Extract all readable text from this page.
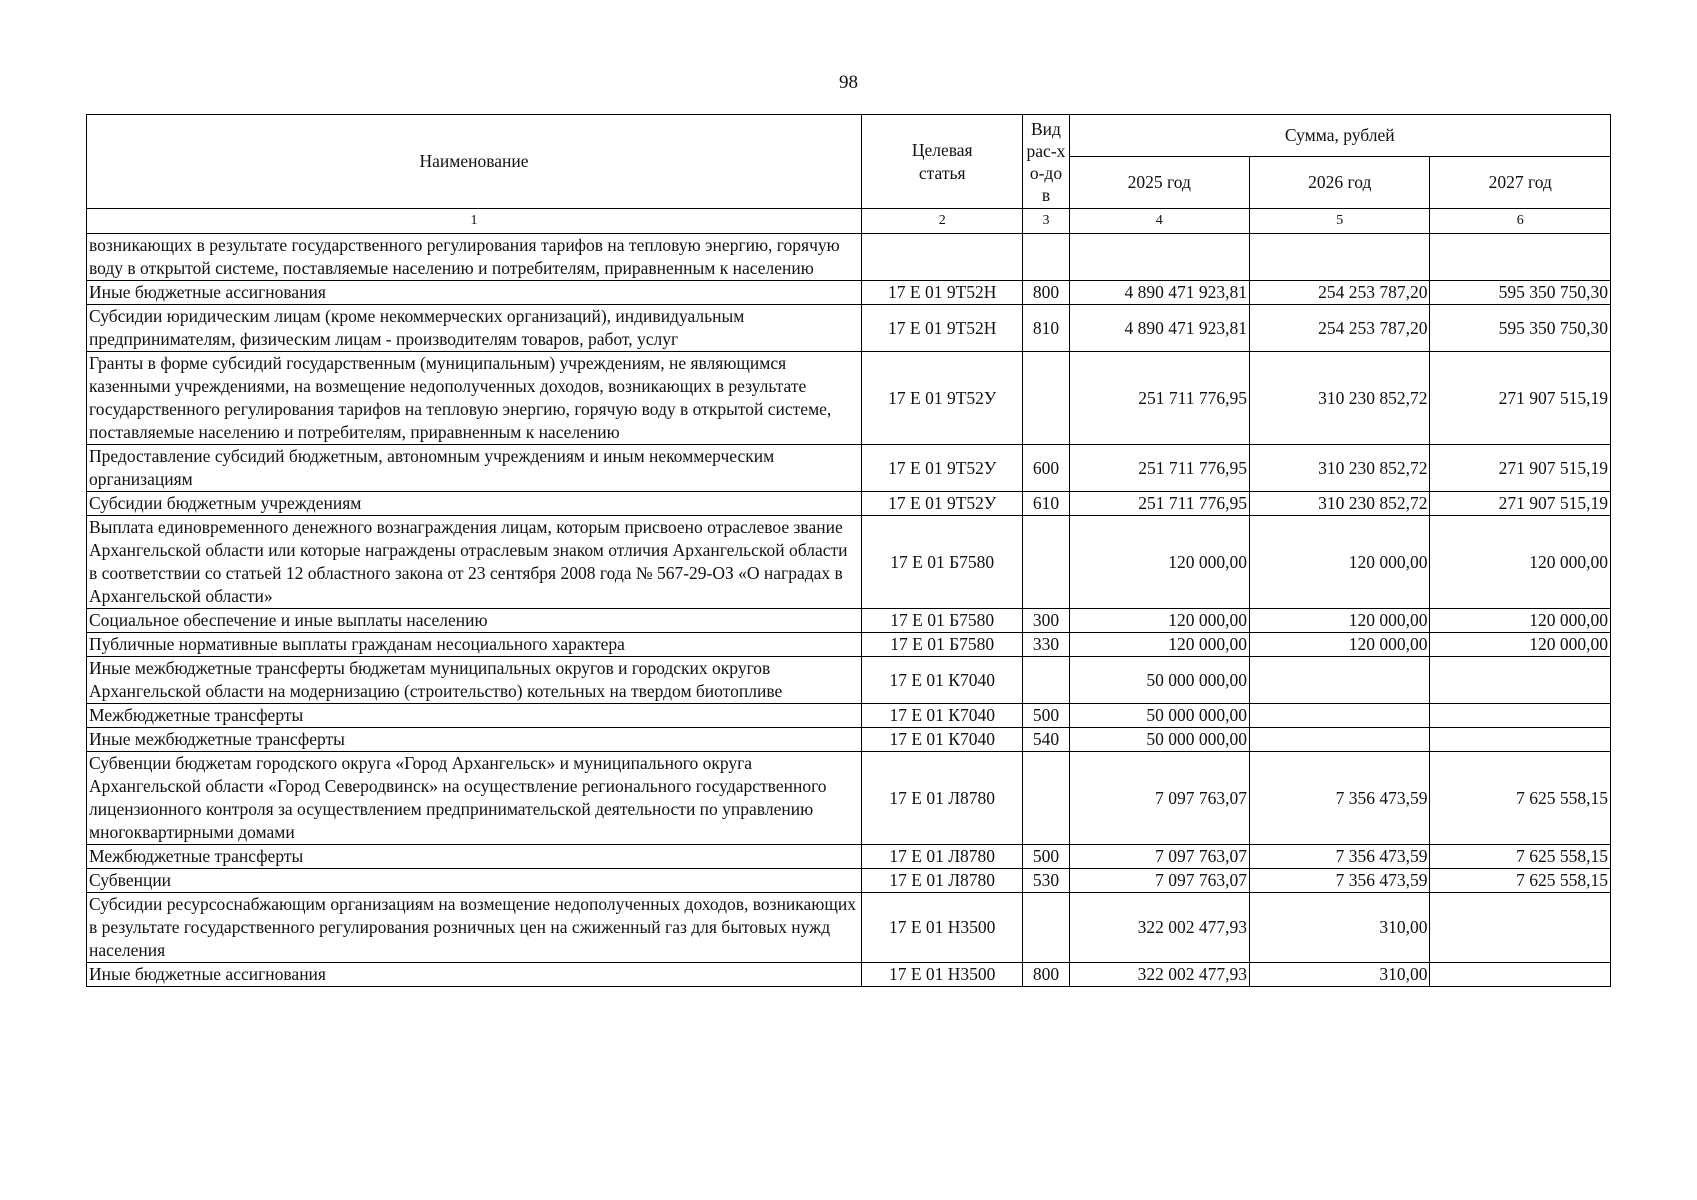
98
Наименование	Целевая статья	Вид рас-хо-дов	Сумма, рублей		
			2025 год	2026 год	2027 год
1	2	3	4	5	6
возникающих в результате государственного регулирования тарифов на тепловую энергию, горячую воду в открытой системе, поставляемые населению и потребителям, приравненным к населению					
Иные бюджетные ассигнования	17 Е 01 9Т52Н	800	4 890 471 923,81	254 253 787,20	595 350 750,30
Субсидии юридическим лицам (кроме некоммерческих организаций), индивидуальным предпринимателям, физическим лицам - производителям товаров, работ, услуг	17 Е 01 9Т52Н	810	4 890 471 923,81	254 253 787,20	595 350 750,30
Гранты в форме субсидий государственным (муниципальным) учреждениям, не являющимся казенными учреждениями, на возмещение недополученных доходов, возникающих в результате государственного регулирования тарифов на тепловую энергию, горячую воду в открытой системе, поставляемые населению и потребителям, приравненным к населению	17 Е 01 9Т52У		251 711 776,95	310 230 852,72	271 907 515,19
Предоставление субсидий бюджетным, автономным учреждениям и иным некоммерческим организациям	17 Е 01 9Т52У	600	251 711 776,95	310 230 852,72	271 907 515,19
Субсидии бюджетным учреждениям	17 Е 01 9Т52У	610	251 711 776,95	310 230 852,72	271 907 515,19
Выплата единовременного денежного вознаграждения лицам, которым присвоено отраслевое звание Архангельской области или которые награждены отраслевым знаком отличия Архангельской области в соответствии со статьей 12 областного закона от 23 сентября 2008 года № 567-29-ОЗ «О наградах в Архангельской области»	17 Е 01 Б7580		120 000,00	120 000,00	120 000,00
Социальное обеспечение и иные выплаты населению	17 Е 01 Б7580	300	120 000,00	120 000,00	120 000,00
Публичные нормативные выплаты гражданам несоциального характера	17 Е 01 Б7580	330	120 000,00	120 000,00	120 000,00
Иные межбюджетные трансферты бюджетам муниципальных округов и городских округов Архангельской области на модернизацию (строительство) котельных на твердом биотопливе	17 Е 01 К7040		50 000 000,00		
Межбюджетные трансферты	17 Е 01 К7040	500	50 000 000,00		
Иные межбюджетные трансферты	17 Е 01 К7040	540	50 000 000,00		
Субвенции бюджетам городского округа «Город Архангельск» и муниципального округа Архангельской области «Город Северодвинск» на осуществление регионального государственного лицензионного контроля за осуществлением предпринимательской деятельности по управлению многоквартирными домами	17 Е 01 Л8780		7 097 763,07	7 356 473,59	7 625 558,15
Межбюджетные трансферты	17 Е 01 Л8780	500	7 097 763,07	7 356 473,59	7 625 558,15
Субвенции	17 Е 01 Л8780	530	7 097 763,07	7 356 473,59	7 625 558,15
Субсидии ресурсоснабжающим организациям на возмещение недополученных доходов, возникающих в результате государственного регулирования розничных цен на сжиженный газ для бытовых нужд населения	17 Е 01 Н3500		322 002 477,93	310,00	
Иные бюджетные ассигнования	17 Е 01 Н3500	800	322 002 477,93	310,00	
